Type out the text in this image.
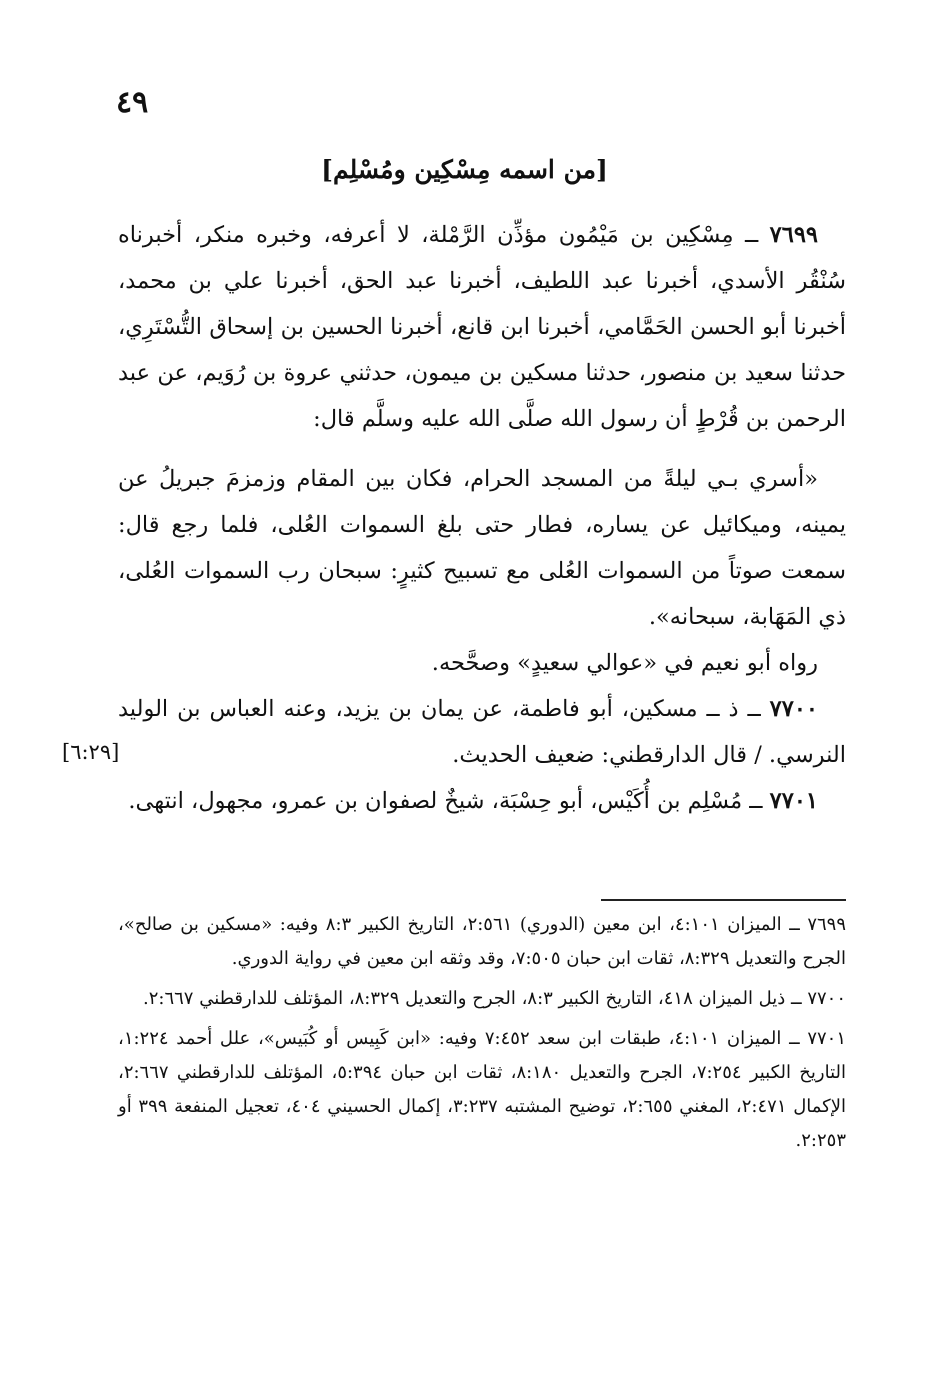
٤٩
[من اسمه مِسْكِين ومُسْلِم]

٧٦٩٩ ــ مِسْكِين بن مَيْمُون مؤذِّن الرَّمْلة، لا أعرفه، وخبره منكر، أخبرناه سُنْقُر الأسدي، أخبرنا عبد اللطيف، أخبرنا عبد الحق، أخبرنا علي بن محمد، أخبرنا أبو الحسن الحَمَّامي، أخبرنا ابن قانع، أخبرنا الحسين بن إسحاق التُّسْتَرِي، حدثنا سعيد بن منصور، حدثنا مسكين بن ميمون، حدثني عروة بن رُوَيم، عن عبد الرحمن بن قُرْطٍ أن رسول الله صلَّى الله عليه وسلَّم قال:

«أسري بـي ليلةً من المسجد الحرام، فكان بين المقام وزمزمَ جبريلُ عن يمينه، وميكائيل عن يساره، فطار حتى بلغ السموات العُلى، فلما رجع قال: سمعت صوتاً من السموات العُلى مع تسبيح كثيرٍ: سبحان رب السموات العُلى، ذي المَهَابة، سبحانه».

رواه أبو نعيم في «عوالي سعيدٍ» وصحَّحه.

٧٧٠٠ ــ ذ ــ مسكين، أبو فاطمة، عن يمان بن يزيد، وعنه العباس بن الوليد النرسي. / قال الدارقطني: ضعيف الحديث.

٧٧٠١ ــ مُسْلِم بن أُكَيْس، أبو حِسْبَة، شيخٌ لصفوان بن عمرو، مجهول، انتهى.

[٦:٢٩]

٧٦٩٩ ــ الميزان ٤:١٠١، ابن معين (الدوري) ٢:٥٦١، التاريخ الكبير ٨:٣ وفيه: «مسكين بن صالح»، الجرح والتعديل ٨:٣٢٩، ثقات ابن حبان ٧:٥٠٥، وقد وثقه ابن معين في رواية الدوري.

٧٧٠٠ ــ ذيل الميزان ٤١٨، التاريخ الكبير ٨:٣، الجرح والتعديل ٨:٣٢٩، المؤتلف للدارقطني ٢:٦٦٧.

٧٧٠١ ــ الميزان ٤:١٠١، طبقات ابن سعد ٧:٤٥٢ وفيه: «ابن كَبِيس أو كُبَيس»، علل أحمد ١:٢٢٤، التاريخ الكبير ٧:٢٥٤، الجرح والتعديل ٨:١٨٠، ثقات ابن حبان ٥:٣٩٤، المؤتلف للدارقطني ٢:٦٦٧، الإكمال ٢:٤٧١، المغني ٢:٦٥٥، توضيح المشتبه ٣:٢٣٧، إكمال الحسيني ٤٠٤، تعجيل المنفعة ٣٩٩ أو ٢:٢٥٣.
